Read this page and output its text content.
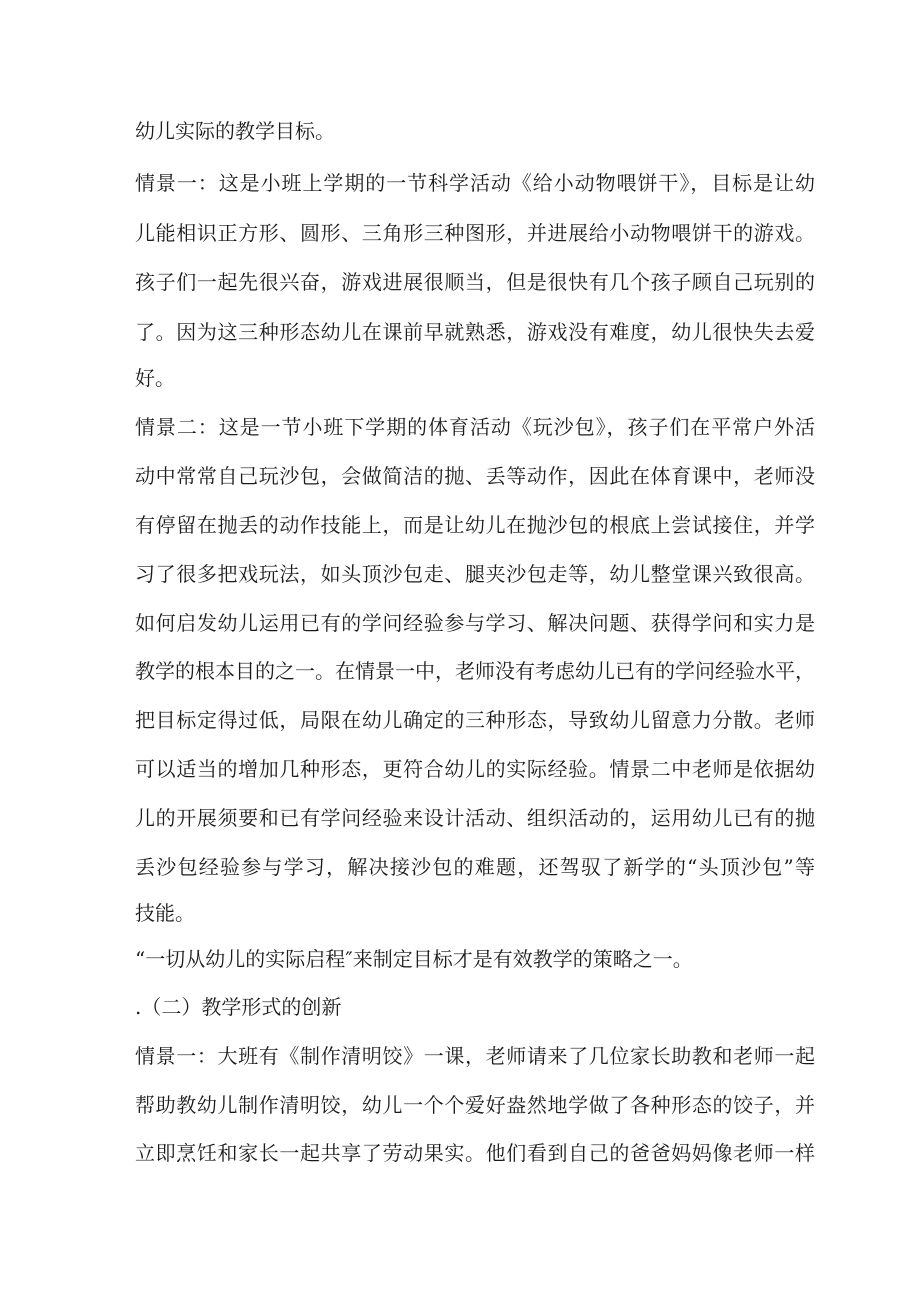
幼儿实际的教学目标。
情景一：这是小班上学期的一节科学活动《给小动物喂饼干》，目标是让幼
儿能相识正方形、圆形、三角形三种图形，并进展给小动物喂饼干的游戏。
孩子们一起先很兴奋，游戏进展很顺当，但是很快有几个孩子顾自己玩别的
了。因为这三种形态幼儿在课前早就熟悉，游戏没有难度，幼儿很快失去爱
好。
情景二：这是一节小班下学期的体育活动《玩沙包》，孩子们在平常户外活
动中常常自己玩沙包，会做简洁的抛、丢等动作，因此在体育课中，老师没
有停留在抛丢的动作技能上，而是让幼儿在抛沙包的根底上尝试接住，并学
习了很多把戏玩法，如头顶沙包走、腿夹沙包走等，幼儿整堂课兴致很高。
如何启发幼儿运用已有的学问经验参与学习、解决问题、获得学问和实力是
教学的根本目的之一。在情景一中，老师没有考虑幼儿已有的学问经验水平，
把目标定得过低，局限在幼儿确定的三种形态，导致幼儿留意力分散。老师
可以适当的增加几种形态，更符合幼儿的实际经验。情景二中老师是依据幼
儿的开展须要和已有学问经验来设计活动、组织活动的，运用幼儿已有的抛
丢沙包经验参与学习，解决接沙包的难题，还驾驭了新学的“头顶沙包”等
技能。
“一切从幼儿的实际启程″来制定目标才是有效教学的策略之一。
.（二）教学形式的创新
情景一：大班有《制作清明饺》一课，老师请来了几位家长助教和老师一起
帮助教幼儿制作清明饺，幼儿一个个爱好盎然地学做了各种形态的饺子，并
立即烹饪和家长一起共享了劳动果实。他们看到自己的爸爸妈妈像老师一样
